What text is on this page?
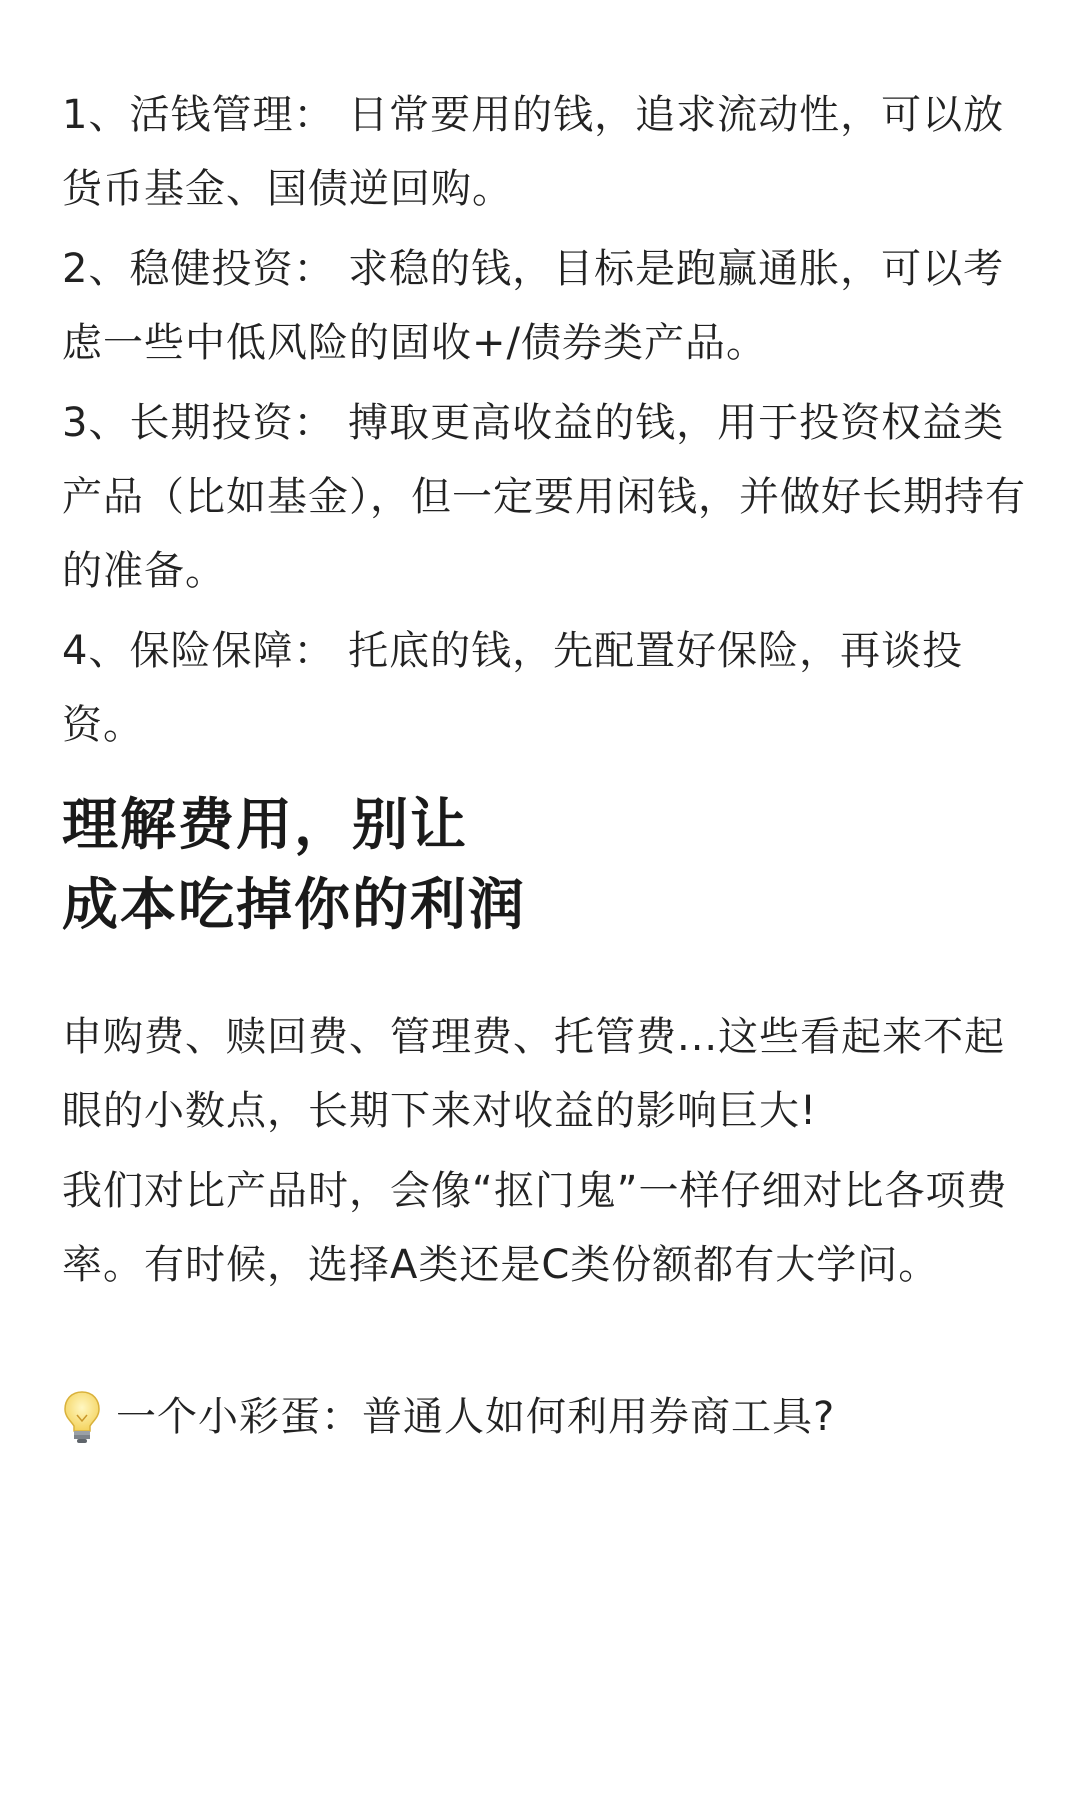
1、活钱管理： 日常要用的钱，追求流动性，可以放货币基金、国债逆回购。

2、稳健投资： 求稳的钱，目标是跑赢通胀，可以考虑一些中低风险的固收+/债券类产品。

3、长期投资： 搏取更高收益的钱，用于投资权益类产品（比如基金），但一定要用闲钱，并做好长期持有的准备。

4、保险保障： 托底的钱，先配置好保险，再谈投资。

理解费用，别让
成本吃掉你的利润

申购费、赎回费、管理费、托管费...这些看起来不起眼的小数点，长期下来对收益的影响巨大!

我们对比产品时，会像“抠门鬼”一样仔细对比各项费率。有时候，选择A类还是C类份额都有大学问。

一个小彩蛋：普通人如何利用券商工具?
